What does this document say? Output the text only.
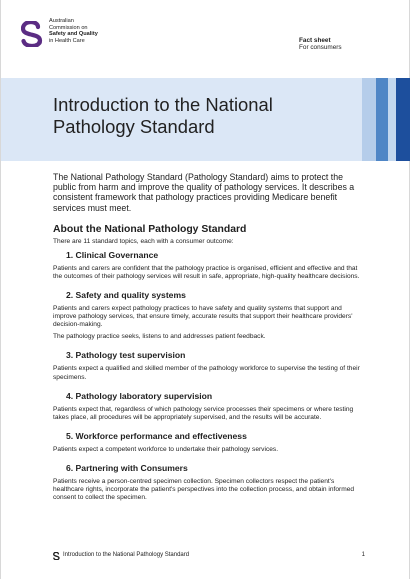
Australian
Commission on
Safety and Quality
in Health Care	Fact sheet
For consumers
Introduction to the National
Pathology Standard

The National Pathology Standard (Pathology Standard) aims to protect the public from harm and improve the quality of pathology services. It describes a consistent framework that pathology practices providing Medicare benefit services must meet.

About the National Pathology Standard

There are 11 standard topics, each with a consumer outcome:

1. Clinical Governance

Patients and carers are confident that the pathology practice is organised, efficient and effective and that the outcomes of their pathology services will result in safe, appropriate, high-quality healthcare decisions.

2. Safety and quality systems

Patients and carers expect pathology practices to have safety and quality systems that support and improve pathology services, that ensure timely, accurate results that support their healthcare providers' decision-making.

The pathology practice seeks, listens to and addresses patient feedback.

3. Pathology test supervision

Patients expect a qualified and skilled member of the pathology workforce to supervise the testing of their specimens.

4. Pathology laboratory supervision

Patients expect that, regardless of which pathology service processes their specimens or where testing takes place, all procedures will be appropriately supervised, and the results will be accurate.

5. Workforce performance and effectiveness

Patients expect a competent workforce to undertake their pathology services.

6. Partnering with Consumers

Patients receive a person-centred specimen collection. Specimen collectors respect the patient's healthcare rights, incorporate the patient's perspectives into the collection process, and obtain informed consent to collect the specimen.

Introduction to the National Pathology Standard	1
